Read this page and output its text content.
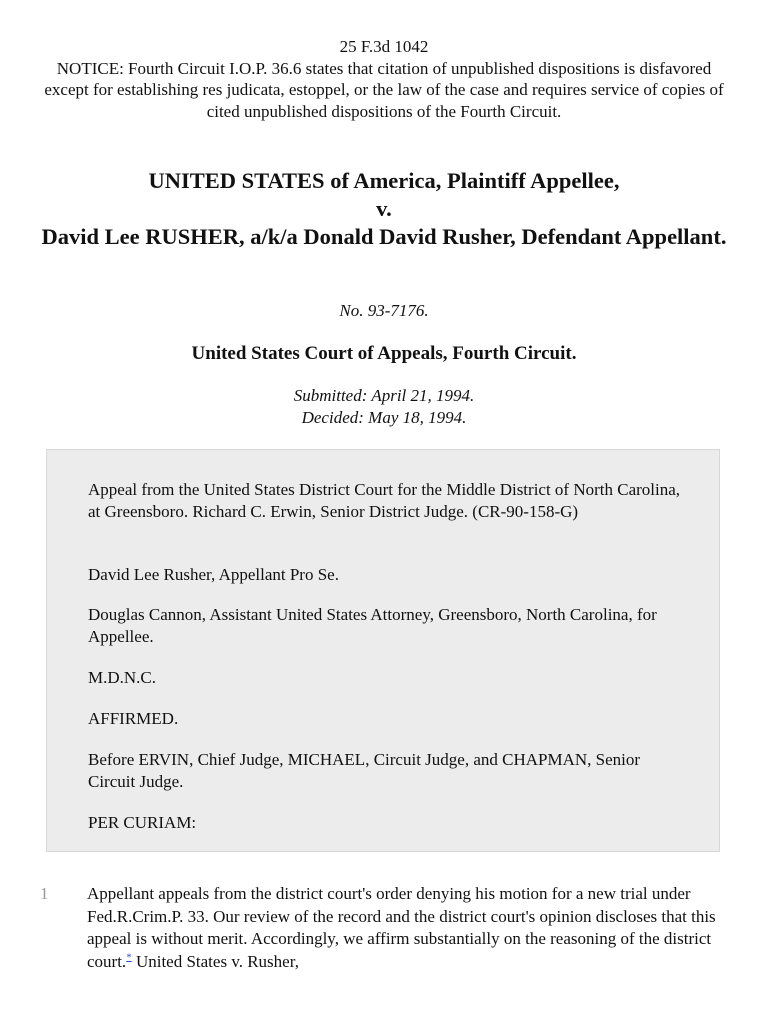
25 F.3d 1042
NOTICE: Fourth Circuit I.O.P. 36.6 states that citation of unpublished dispositions is disfavored except for establishing res judicata, estoppel, or the law of the case and requires service of copies of cited unpublished dispositions of the Fourth Circuit.
UNITED STATES of America, Plaintiff Appellee,
v.
David Lee RUSHER, a/k/a Donald David Rusher, Defendant Appellant.
No. 93-7176.
United States Court of Appeals, Fourth Circuit.
Submitted: April 21, 1994.
Decided: May 18, 1994.

Appeal from the United States District Court for the Middle District of North Carolina, at Greensboro. Richard C. Erwin, Senior District Judge. (CR-90-158-G)

David Lee Rusher, Appellant Pro Se.

Douglas Cannon, Assistant United States Attorney, Greensboro, North Carolina, for Appellee.

M.D.N.C.

AFFIRMED.

Before ERVIN, Chief Judge, MICHAEL, Circuit Judge, and CHAPMAN, Senior Circuit Judge.

PER CURIAM:

1 Appellant appeals from the district court's order denying his motion for a new trial under Fed.R.Crim.P. 33. Our review of the record and the district court's opinion discloses that this appeal is without merit. Accordingly, we affirm substantially on the reasoning of the district court.* United States v. Rusher,
